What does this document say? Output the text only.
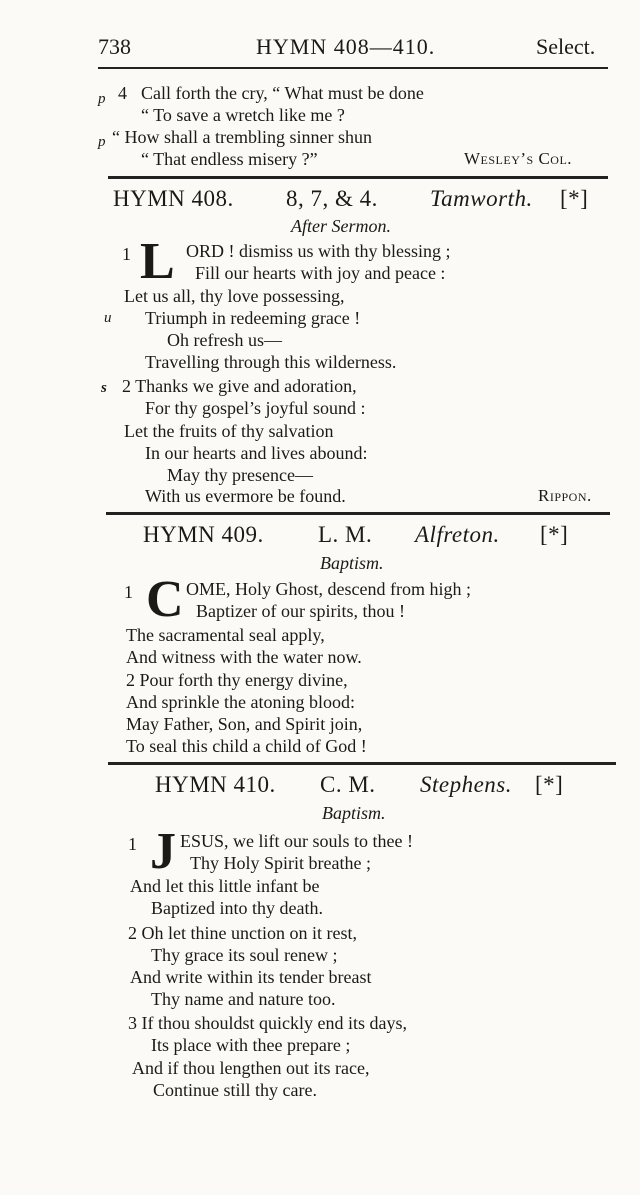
738	HYMN 408—410.	Select.
p 4 Call forth the cry, “ What must be done
“ To save a wretch like me ?
p “ How shall a trembling sinner shun
“ That endless misery ?”	Wesley’s Col.
HYMN 408. 8, 7, & 4. Tamworth. [*]
After Sermon.
1 L ORD ! dismiss us with thy blessing ;
Fill our hearts with joy and peace :
Let us all, thy love possessing,
u Triumph in redeeming grace !
Oh refresh us—
Travelling through this wilderness.
s 2 Thanks we give and adoration,
For thy gospel’s joyful sound :
Let the fruits of thy salvation
In our hearts and lives abound:
May thy presence—
With us evermore be found.	Rippon.
HYMN 409. L. M. Alfreton. [*]
Baptism.
1 C OME, Holy Ghost, descend from high ;
Baptizer of our spirits, thou !
The sacramental seal apply,
And witness with the water now.
2 Pour forth thy energy divine,
And sprinkle the atoning blood:
May Father, Son, and Spirit join,
To seal this child a child of God !
HYMN 410. C. M. Stephens. [*]
Baptism.
1 J ESUS, we lift our souls to thee !
Thy Holy Spirit breathe ;
And let this little infant be
Baptized into thy death.
2 Oh let thine unction on it rest,
Thy grace its soul renew ;
And write within its tender breast
Thy name and nature too.
3 If thou shouldst quickly end its days,
Its place with thee prepare ;
And if thou lengthen out its race,
Continue still thy care.
